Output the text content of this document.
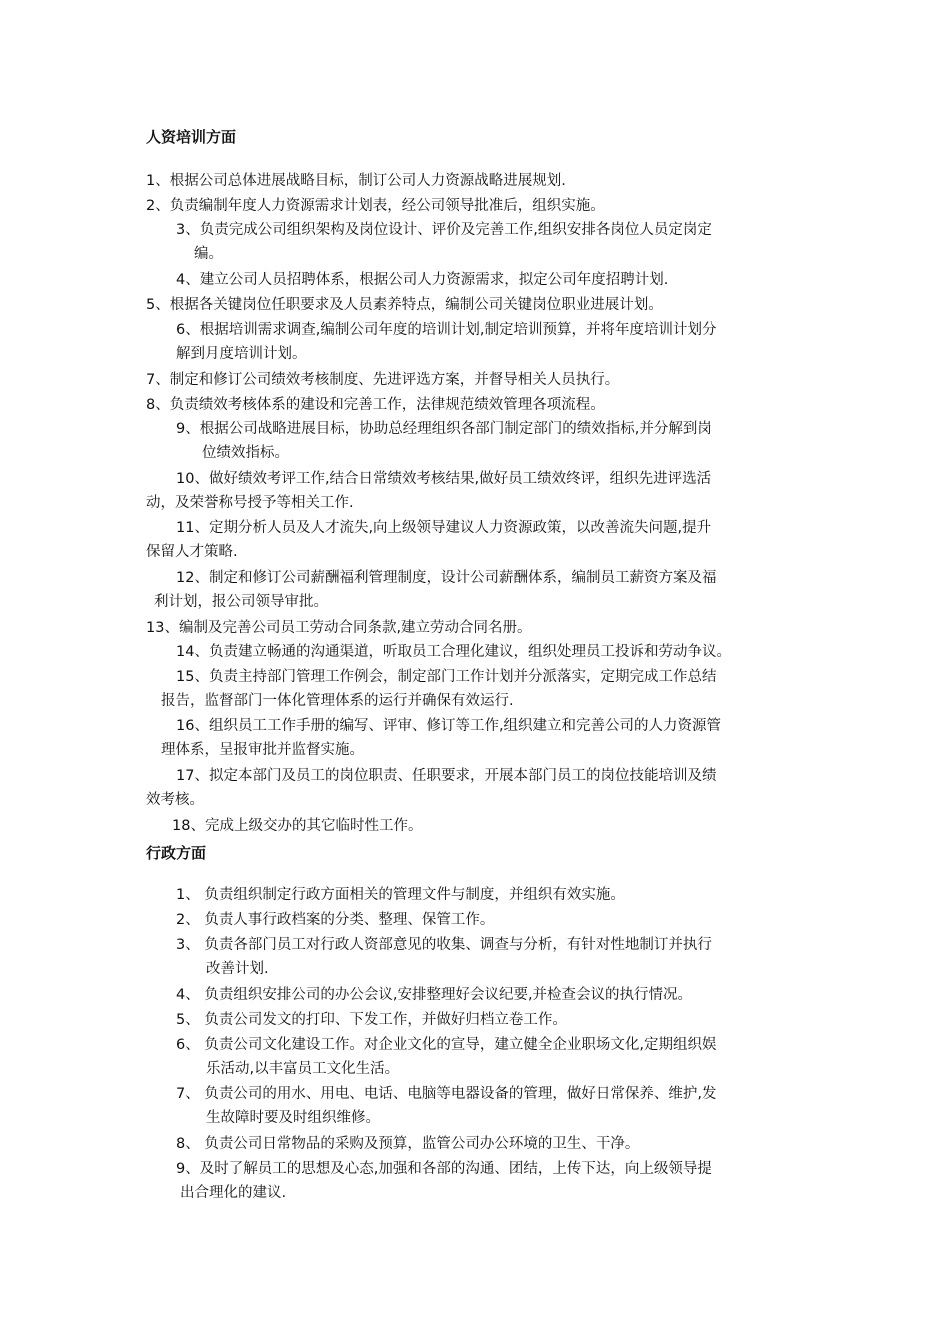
人资培训方面

1、根据公司总体进展战略目标，制订公司人力资源战略进展规划.

2、负责编制年度人力资源需求计划表，经公司领导批准后，组织实施。

3、负责完成公司组织架构及岗位设计、评价及完善工作,组织安排各岗位人员定岗定
编。

4、建立公司人员招聘体系，根据公司人力资源需求，拟定公司年度招聘计划.

5、根据各关键岗位任职要求及人员素养特点，编制公司关键岗位职业进展计划。

6、根据培训需求调查,编制公司年度的培训计划,制定培训预算，并将年度培训计划分
解到月度培训计划。

7、制定和修订公司绩效考核制度、先进评选方案，并督导相关人员执行。

8、负责绩效考核体系的建设和完善工作，法律规范绩效管理各项流程。

9、根据公司战略进展目标，协助总经理组织各部门制定部门的绩效指标,并分解到岗
位绩效指标。

10、做好绩效考评工作,结合日常绩效考核结果,做好员工绩效终评，组织先进评选活
动，及荣誉称号授予等相关工作.

11、定期分析人员及人才流失,向上级领导建议人力资源政策，以改善流失问题,提升
保留人才策略.

12、制定和修订公司薪酬福利管理制度，设计公司薪酬体系，编制员工薪资方案及福
利计划，报公司领导审批。

13、编制及完善公司员工劳动合同条款,建立劳动合同名册。

14、负责建立畅通的沟通渠道，听取员工合理化建议，组织处理员工投诉和劳动争议。

15、负责主持部门管理工作例会，制定部门工作计划并分派落实，定期完成工作总结
报告，监督部门一体化管理体系的运行并确保有效运行.

16、组织员工工作手册的编写、评审、修订等工作,组织建立和完善公司的人力资源管
理体系，呈报审批并监督实施。

17、拟定本部门及员工的岗位职责、任职要求，开展本部门员工的岗位技能培训及绩
效考核。

18、完成上级交办的其它临时性工作。

行政方面

1、 负责组织制定行政方面相关的管理文件与制度，并组织有效实施。

2、 负责人事行政档案的分类、整理、保管工作。

3、 负责各部门员工对行政人资部意见的收集、调查与分析，有针对性地制订并执行
改善计划.

4、 负责组织安排公司的办公会议,安排整理好会议纪要,并检查会议的执行情况。

5、 负责公司发文的打印、下发工作，并做好归档立卷工作。

6、 负责公司文化建设工作。对企业文化的宣导，建立健全企业职场文化,定期组织娱
乐活动,以丰富员工文化生活。

7、 负责公司的用水、用电、电话、电脑等电器设备的管理，做好日常保养、维护,发
生故障时要及时组织维修。

8、 负责公司日常物品的采购及预算，监管公司办公环境的卫生、干净。

9、及时了解员工的思想及心态,加强和各部的沟通、团结，上传下达，向上级领导提
出合理化的建议.
